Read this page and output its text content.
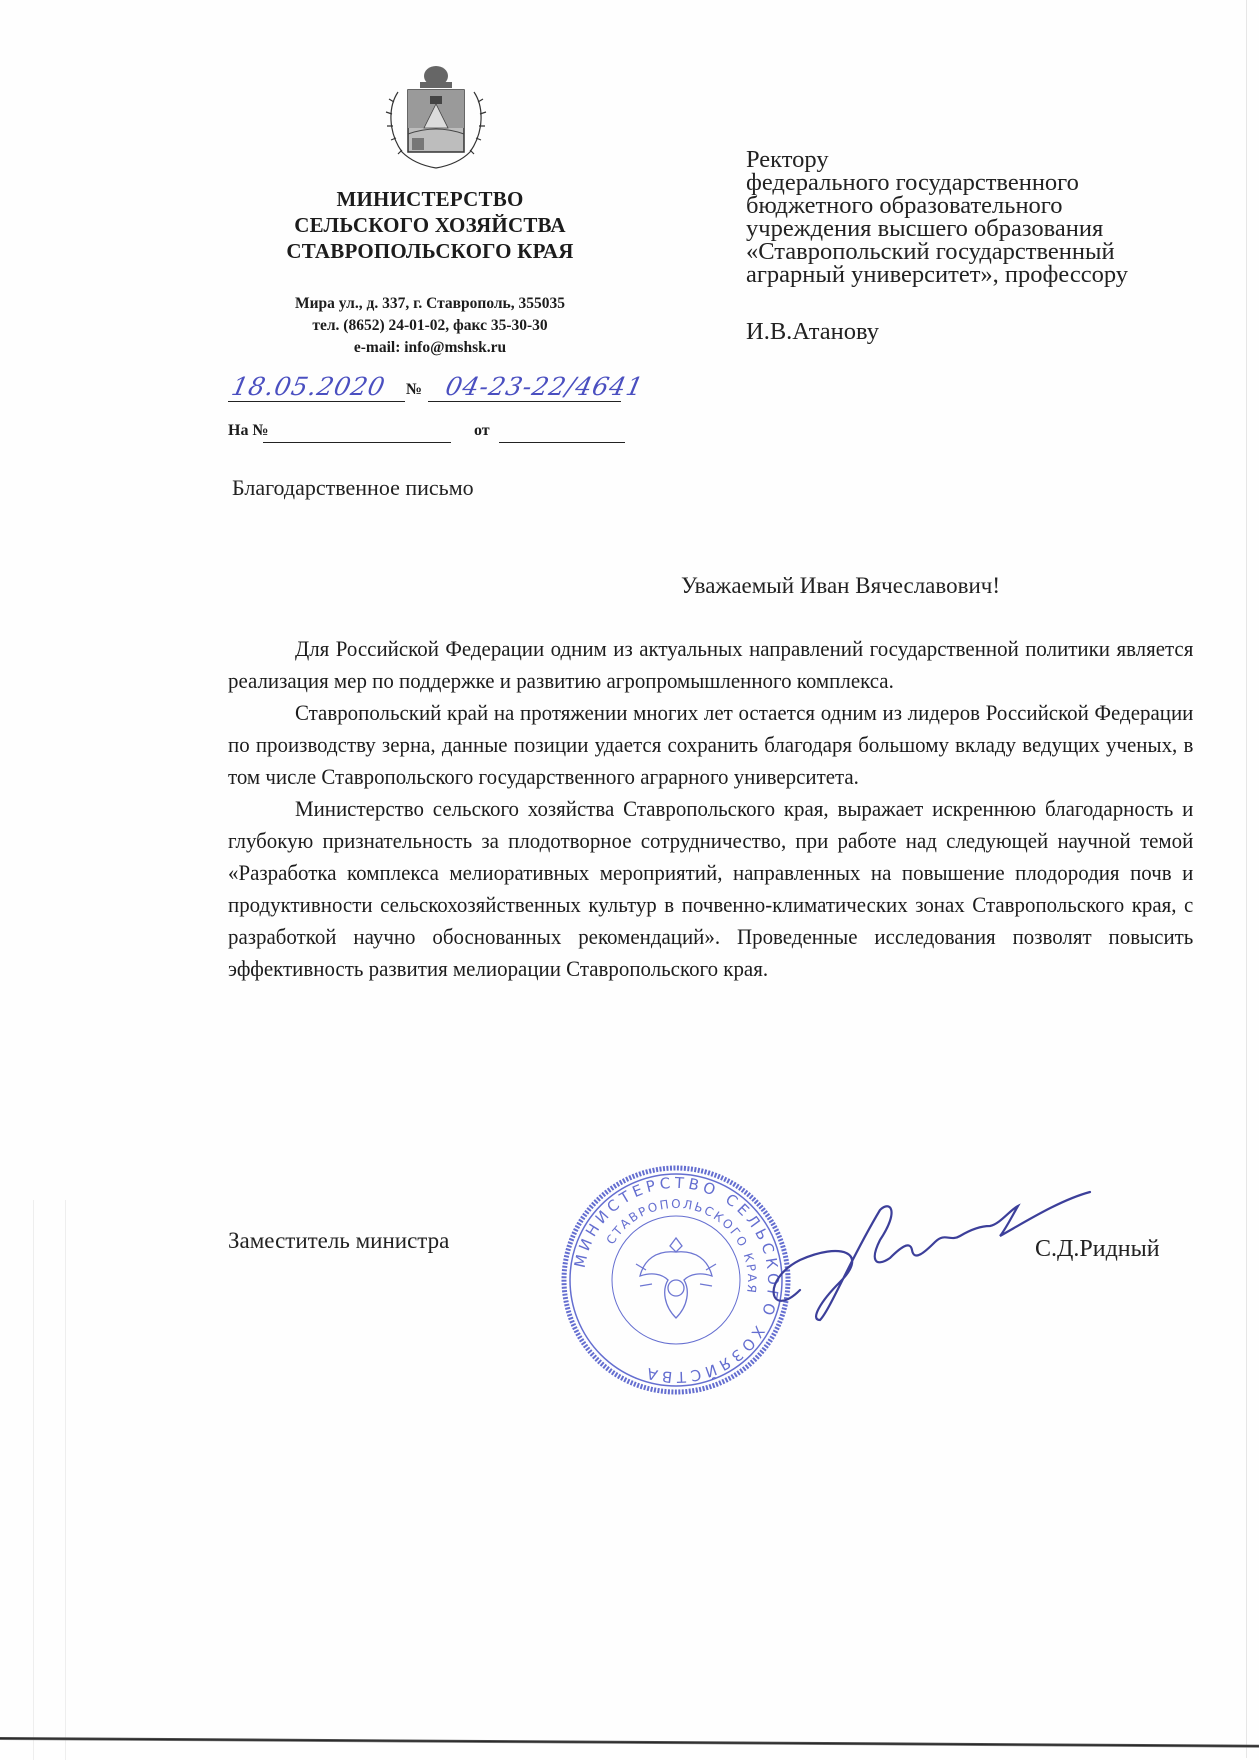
МИНИСТЕРСТВО
СЕЛЬСКОГО ХОЗЯЙСТВА
СТАВРОПОЛЬСКОГО КРАЯ
Мира ул., д. 337, г. Ставрополь, 355035
тел. (8652) 24-01-02, факс 35-30-30
e-mail: info@mshsk.ru
18.05.2020 № 04-23-22/4641
На №	от
Ректору
федерального государственного
бюджетного образовательного
учреждения высшего образования
«Ставропольский государственный
аграрный университет», профессору
И.В.Атанову
Благодарственное письмо
Уважаемый Иван Вячеславович!

Для Российской Федерации одним из актуальных направлений государственной политики является реализация мер по поддержке и развитию агропромышленного комплекса.

Ставропольский край на протяжении многих лет остается одним из лидеров Российской Федерации по производству зерна, данные позиции удается сохранить благодаря большому вкладу ведущих ученых, в том числе Ставропольского государственного аграрного университета.

Министерство сельского хозяйства Ставропольского края, выражает искреннюю благодарность и глубокую признательность за плодотворное сотрудничество, при работе над следующей научной темой «Разработка комплекса мелиоративных мероприятий, направленных на повышение плодородия почв и продуктивности сельскохозяйственных культур в почвенно-климатических зонах Ставропольского края, с разработкой научно обоснованных рекомендаций». Проведенные исследования позволят повысить эффективность развития мелиорации Ставропольского края.

МИНИСТЕРСТВО СЕЛЬСКОГО ХОЗЯЙСТВА
СТАВРОПОЛЬСКОГО КРАЯ
Заместитель министра	С.Д.Ридный
